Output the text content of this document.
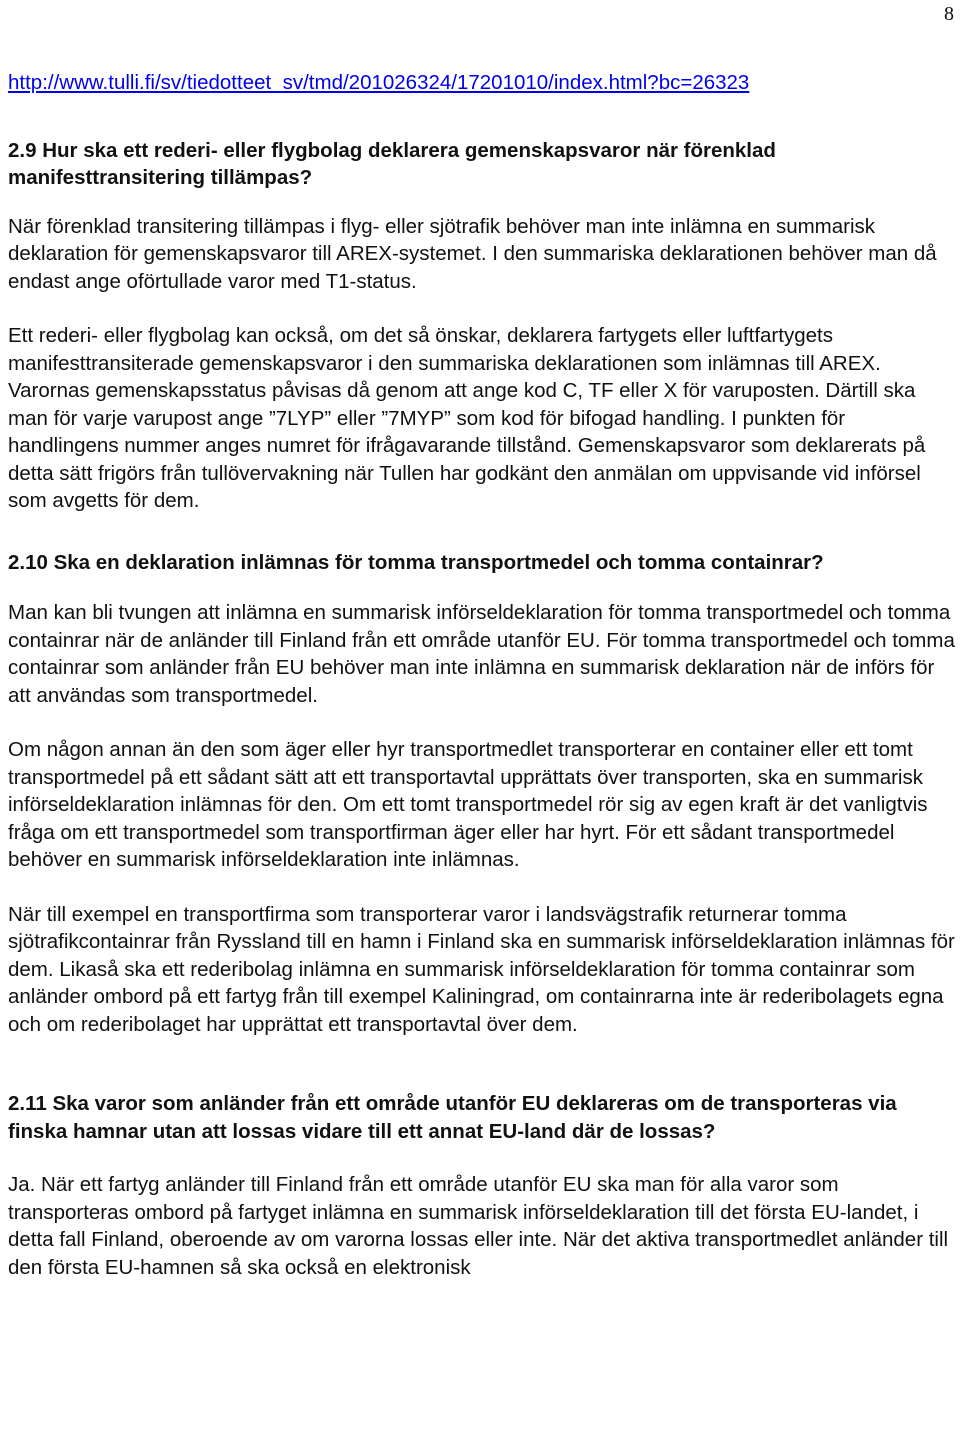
8
http://www.tulli.fi/sv/tiedotteet_sv/tmd/201026324/17201010/index.html?bc=26323
2.9 Hur ska ett rederi- eller flygbolag deklarera gemenskapsvaror när förenklad manifesttransitering tillämpas?

När förenklad transitering tillämpas i flyg- eller sjötrafik behöver man inte inlämna en summarisk deklaration för gemenskapsvaror till AREX-systemet. I den summariska deklarationen behöver man då endast ange oförtullade varor med T1-status.

Ett rederi- eller flygbolag kan också, om det så önskar, deklarera fartygets eller luftfartygets manifesttransiterade gemenskapsvaror i den summariska deklarationen som inlämnas till AREX. Varornas gemenskapsstatus påvisas då genom att ange kod C, TF eller X för varuposten. Därtill ska man för varje varupost ange ”7LYP” eller ”7MYP” som kod för bifogad handling. I punkten för handlingens nummer anges numret för ifrågavarande tillstånd. Gemenskapsvaror som deklarerats på detta sätt frigörs från tullövervakning när Tullen har godkänt den anmälan om uppvisande vid införsel som avgetts för dem.

2.10 Ska en deklaration inlämnas för tomma transportmedel och tomma containrar?

Man kan bli tvungen att inlämna en summarisk införseldeklaration för tomma transportmedel och tomma containrar när de anländer till Finland från ett område utanför EU. För tomma transportmedel och tomma containrar som anländer från EU behöver man inte inlämna en summarisk deklaration när de införs för att användas som transportmedel.

Om någon annan än den som äger eller hyr transportmedlet transporterar en container eller ett tomt transportmedel på ett sådant sätt att ett transportavtal upprättats över transporten, ska en summarisk införseldeklaration inlämnas för den. Om ett tomt transportmedel rör sig av egen kraft är det vanligtvis fråga om ett transportmedel som transportfirman äger eller har hyrt. För ett sådant transportmedel behöver en summarisk införseldeklaration inte inlämnas.

När till exempel en transportfirma som transporterar varor i landsvägstrafik returnerar tomma sjötrafikcontainrar från Ryssland till en hamn i Finland ska en summarisk införseldeklaration inlämnas för dem. Likaså ska ett rederibolag inlämna en summarisk införseldeklaration för tomma containrar som anländer ombord på ett fartyg från till exempel Kaliningrad, om containrarna inte är rederibolagets egna och om rederibolaget har upprättat ett transportavtal över dem.

2.11 Ska varor som anländer från ett område utanför EU deklareras om de transporteras via finska hamnar utan att lossas vidare till ett annat EU-land där de lossas?

Ja. När ett fartyg anländer till Finland från ett område utanför EU ska man för alla varor som transporteras ombord på fartyget inlämna en summarisk införseldeklaration till det första EU-landet, i detta fall Finland, oberoende av om varorna lossas eller inte. När det aktiva transportmedlet anländer till den första EU-hamnen så ska också en elektronisk
